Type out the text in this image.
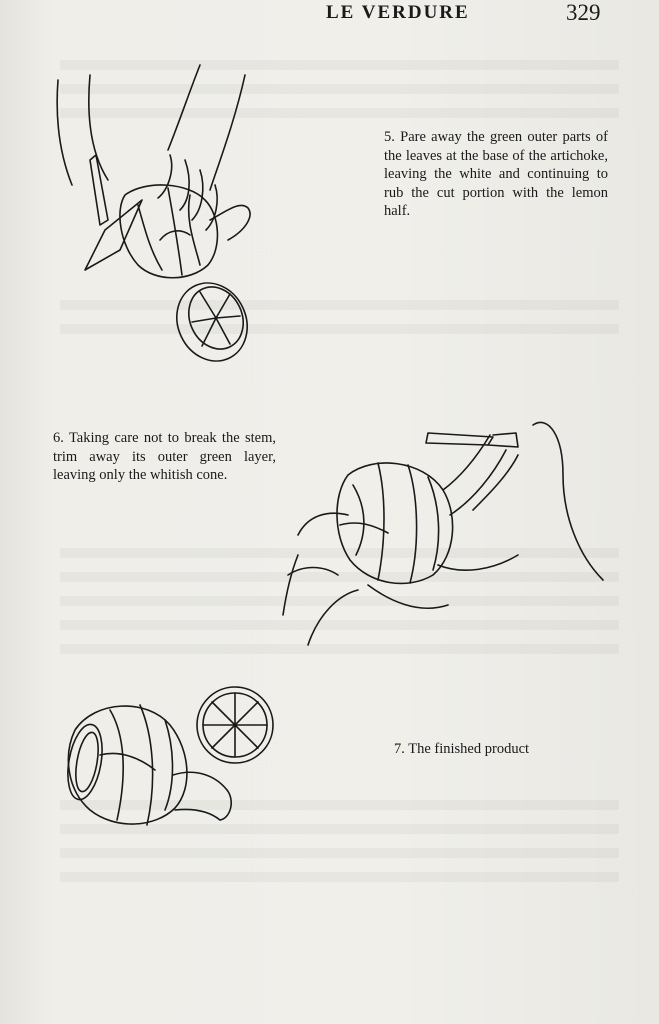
LE VERDURE	329
5. Pare away the green outer parts of the leaves at the base of the artichoke, leaving the white and continuing to rub the cut portion with the lemon half.
6. Taking care not to break the stem, trim away its outer green layer, leaving only the whitish cone.
7. The finished product
